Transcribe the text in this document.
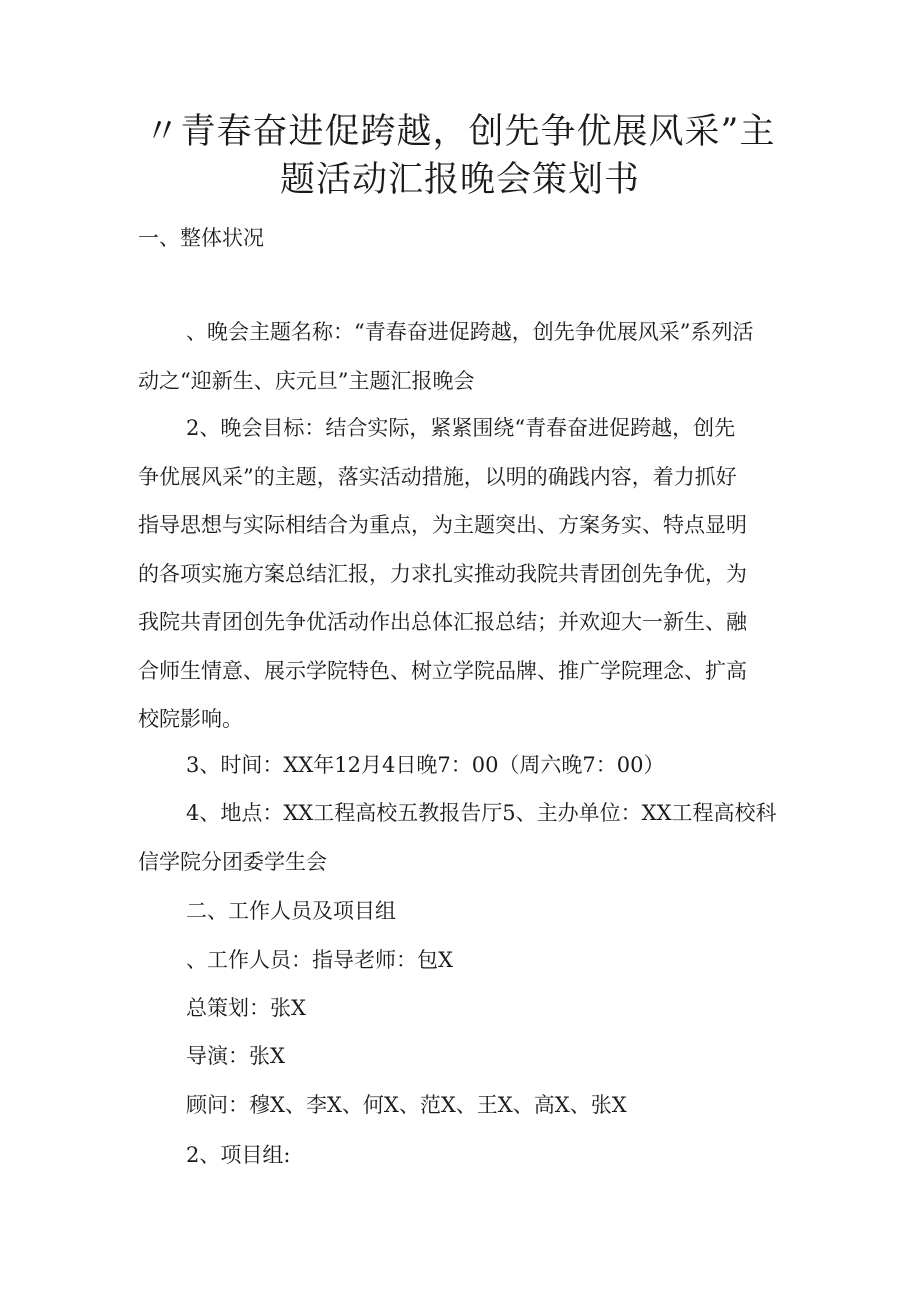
〃青春奋进促跨越，创先争优展风采”主
题活动汇报晚会策划书

一、整体状况

、晚会主题名称：“青春奋进促跨越，创先争优展风采”系列活

动之“迎新生、庆元旦”主题汇报晚会

2、晚会目标：结合实际，紧紧围绕“青春奋进促跨越，创先

争优展风采”的主题，落实活动措施，以明的确践内容，着力抓好

指导思想与实际相结合为重点，为主题突出、方案务实、特点显明

的各项实施方案总结汇报，力求扎实推动我院共青团创先争优，为

我院共青团创先争优活动作出总体汇报总结；并欢迎大一新生、融

合师生情意、展示学院特色、树立学院品牌、推广学院理念、扩高

校院影响。

3、时间：XX年12月4日晚7：00（周六晚7：00）

4、地点：XX工程高校五教报告厅5、主办单位：XX工程高校科

信学院分团委学生会

二、工作人员及项目组

、工作人员：指导老师：包X

总策划：张X

导演：张X

顾问：穆X、李X、何X、范X、王X、高X、张X

2、项目组:
